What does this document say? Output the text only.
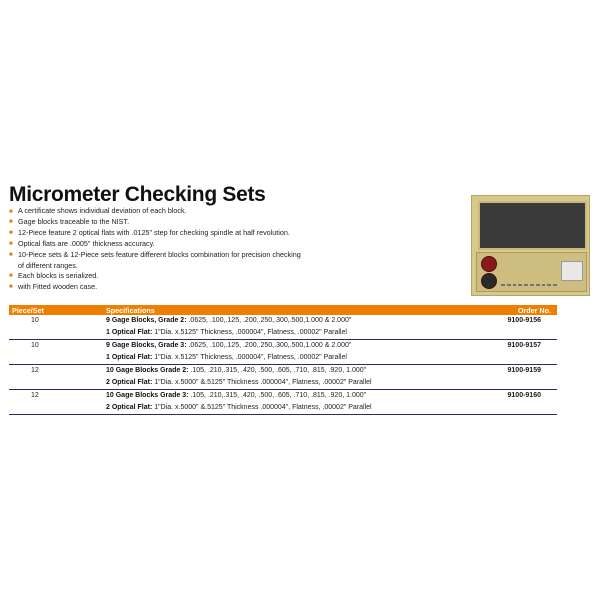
Micrometer Checking Sets
■ A certificate shows individual deviation of each block.
■ Gage blocks traceable to the NIST.
■ 12-Piece feature 2 optical flats with .0125" step for checking spindle at half revolution.
■ Optical flats are .0005" thickness accuracy.
■ 10-Piece sets & 12-Piece sets feature different blocks combination for precision checking
of different ranges.
■ Each blocks is serialized.
■ with Fitted wooden case.
Piece/Set	Specifications	Order No.
10	9 Gage Blocks, Grade 2: .0625, .100,.125, .200,.250,.300,.500,1.000 & 2.000"	9100-9156
	1 Optical Flat: 1"Dia. x.5125" Thickness, .000004", Flatness, .00002" Parallel	
10	9 Gage Blocks, Grade 3: .0625, .100,.125, .200,.250,.300,.500,1.000 & 2.000"	9100-9157
	1 Optical Flat: 1"Dia. x.5125" Thickness, .000004", Flatness, .00002" Parallel	
12	10 Gage Blocks Grade 2: .105, .210,.315, .420, .500, .605, .710, .815, .920, 1.000"	9100-9159
	2 Optical Flat: 1"Dia. x.5000" &.5125" Thickness .000004", Flatness, .00002" Parallel	
12	10 Gage Blocks Grade 3: .105, .210,.315, .420, .500, .605, .710, .815, .920, 1.000"	9100-9160
	2 Optical Flat: 1"Dia. x.5000" &.5125" Thickness .000004", Flatness, .00002" Parallel	
